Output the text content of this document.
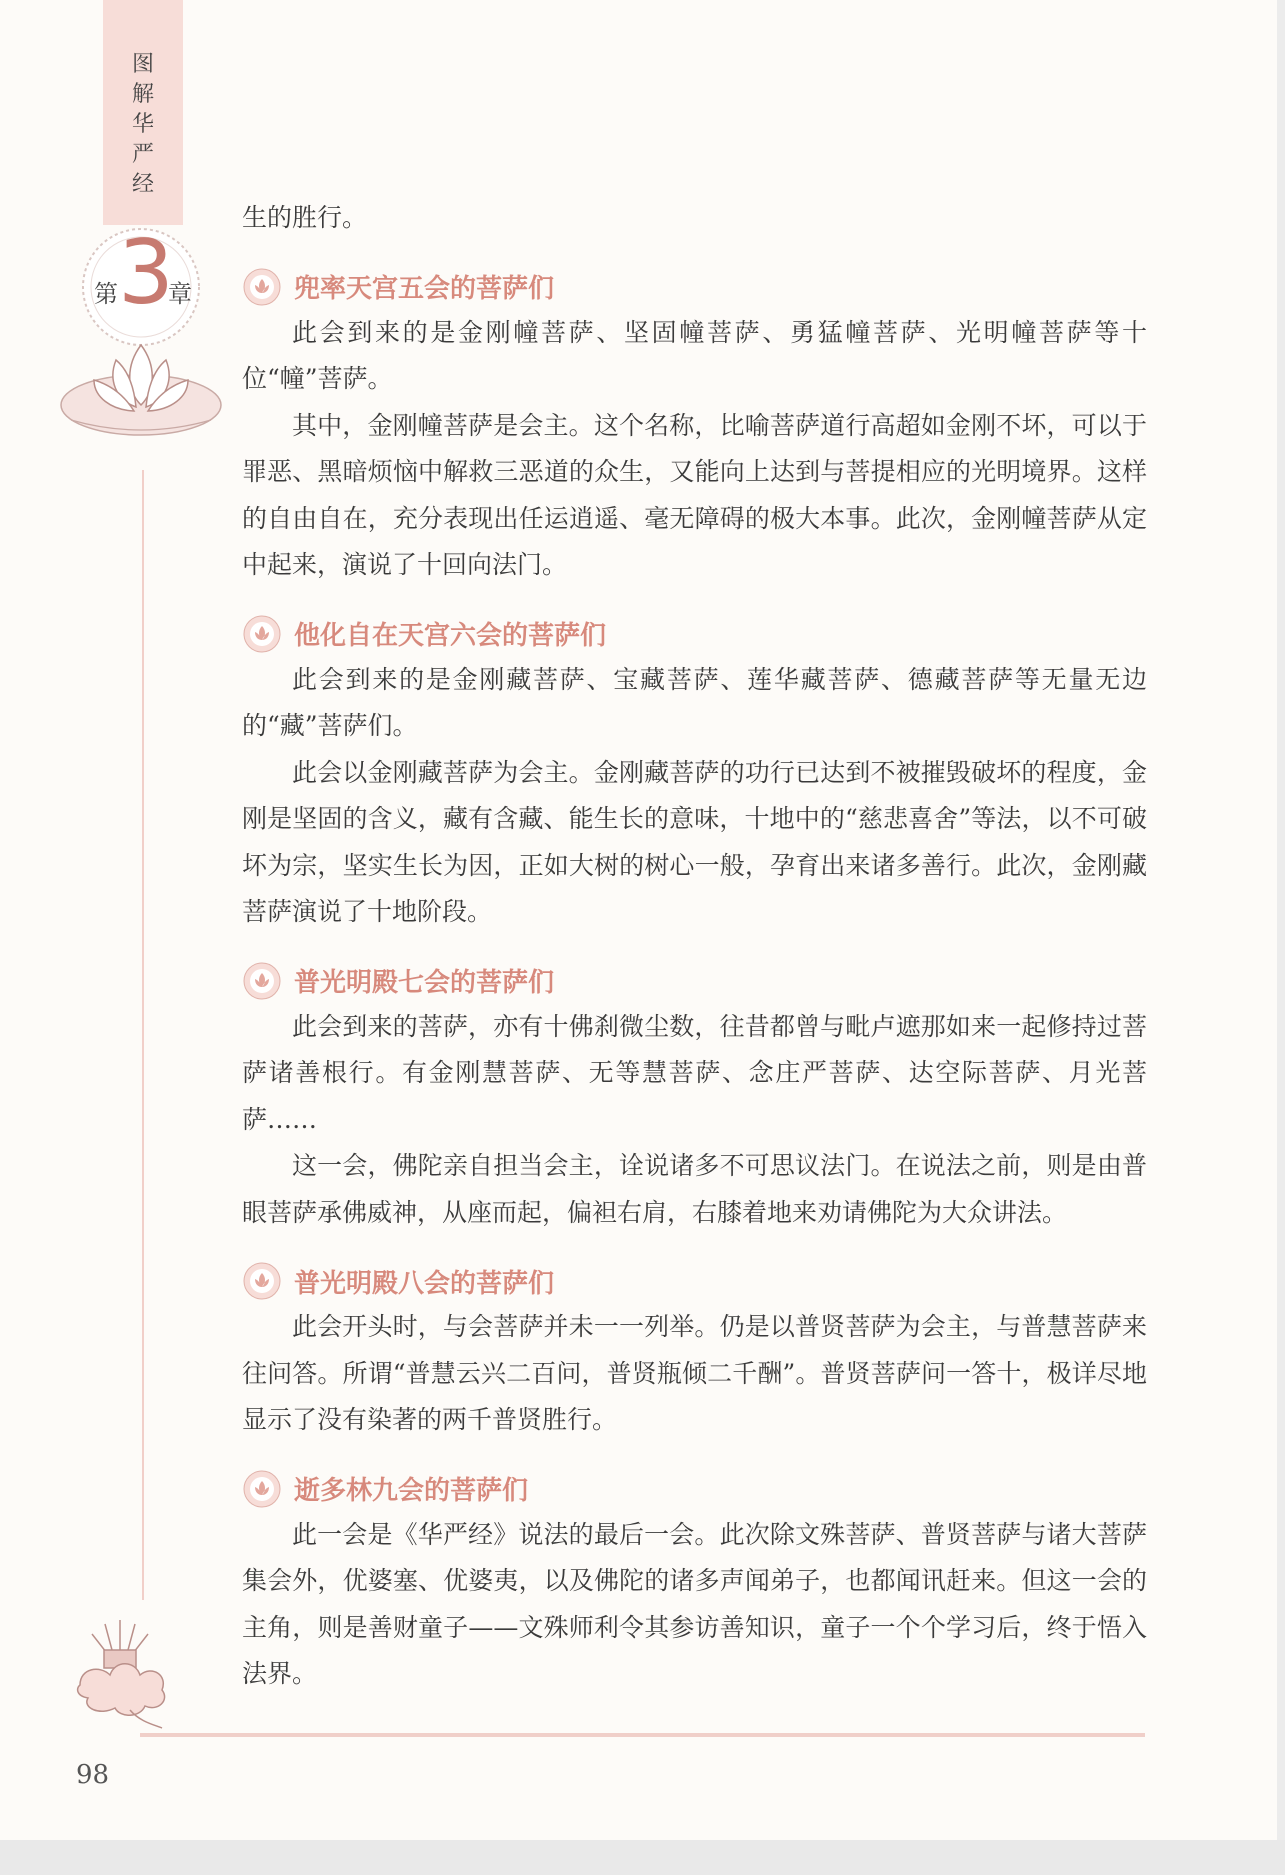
图
解
华
严
经
第 3
章

生的胜行。

兜率天宫五会的菩萨们

此会到来的是金刚幢菩萨、坚固幢菩萨、勇猛幢菩萨、光明幢菩萨等十位“幢”菩萨。

其中，金刚幢菩萨是会主。这个名称，比喻菩萨道行高超如金刚不坏，可以于罪恶、黑暗烦恼中解救三恶道的众生，又能向上达到与菩提相应的光明境界。这样的自由自在，充分表现出任运逍遥、毫无障碍的极大本事。此次，金刚幢菩萨从定中起来，演说了十回向法门。

他化自在天宫六会的菩萨们

此会到来的是金刚藏菩萨、宝藏菩萨、莲华藏菩萨、德藏菩萨等无量无边的“藏”菩萨们。

此会以金刚藏菩萨为会主。金刚藏菩萨的功行已达到不被摧毁破坏的程度，金刚是坚固的含义，藏有含藏、能生长的意味，十地中的“慈悲喜舍”等法，以不可破坏为宗，坚实生长为因，正如大树的树心一般，孕育出来诸多善行。此次，金刚藏菩萨演说了十地阶段。

普光明殿七会的菩萨们

此会到来的菩萨，亦有十佛刹微尘数，往昔都曾与毗卢遮那如来一起修持过菩萨诸善根行。有金刚慧菩萨、无等慧菩萨、念庄严菩萨、达空际菩萨、月光菩萨……

这一会，佛陀亲自担当会主，诠说诸多不可思议法门。在说法之前，则是由普眼菩萨承佛威神，从座而起，偏袒右肩，右膝着地来劝请佛陀为大众讲法。

普光明殿八会的菩萨们

此会开头时，与会菩萨并未一一列举。仍是以普贤菩萨为会主，与普慧菩萨来往问答。所谓“普慧云兴二百问，普贤瓶倾二千酬”。普贤菩萨问一答十，极详尽地显示了没有染著的两千普贤胜行。

逝多林九会的菩萨们

此一会是《华严经》说法的最后一会。此次除文殊菩萨、普贤菩萨与诸大菩萨集会外，优婆塞、优婆夷，以及佛陀的诸多声闻弟子，也都闻讯赶来。但这一会的主角，则是善财童子——文殊师利令其参访善知识，童子一个个学习后，终于悟入法界。

98
